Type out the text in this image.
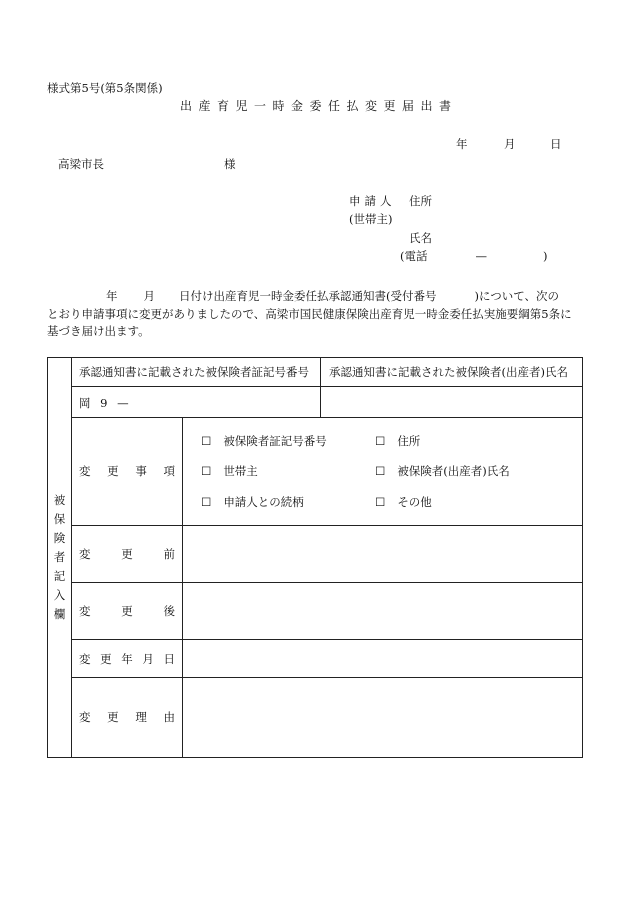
様式第5号(第5条関係)
出産育児一時金委任払変更届出書
年	月	日
高梁市長	様
申請人 住所
(世帯主)
氏名
(電話	—	)
年 月 日付け出産育児一時金委任払承認通知書(受付番号	)について、次の
とおり申請事項に変更がありましたので、高梁市国民健康保険出産育児一時金委任払実施要綱第5条に
基づき届け出ます。
被
保
険
者
記
入
欄
承認通知書に記載された被保険者証記号番号 承認通知書に記載された被保険者(出産者)氏名
岡 9 —
変 更 事 項
☐ 被保険者証記号番号	☐ 住所
☐ 世帯主	☐ 被保険者(出産者)氏名
☐ 申請人との続柄	☐ その他
変	更	前
変	更	後
変 更 年 月 日
変 更 理 由
